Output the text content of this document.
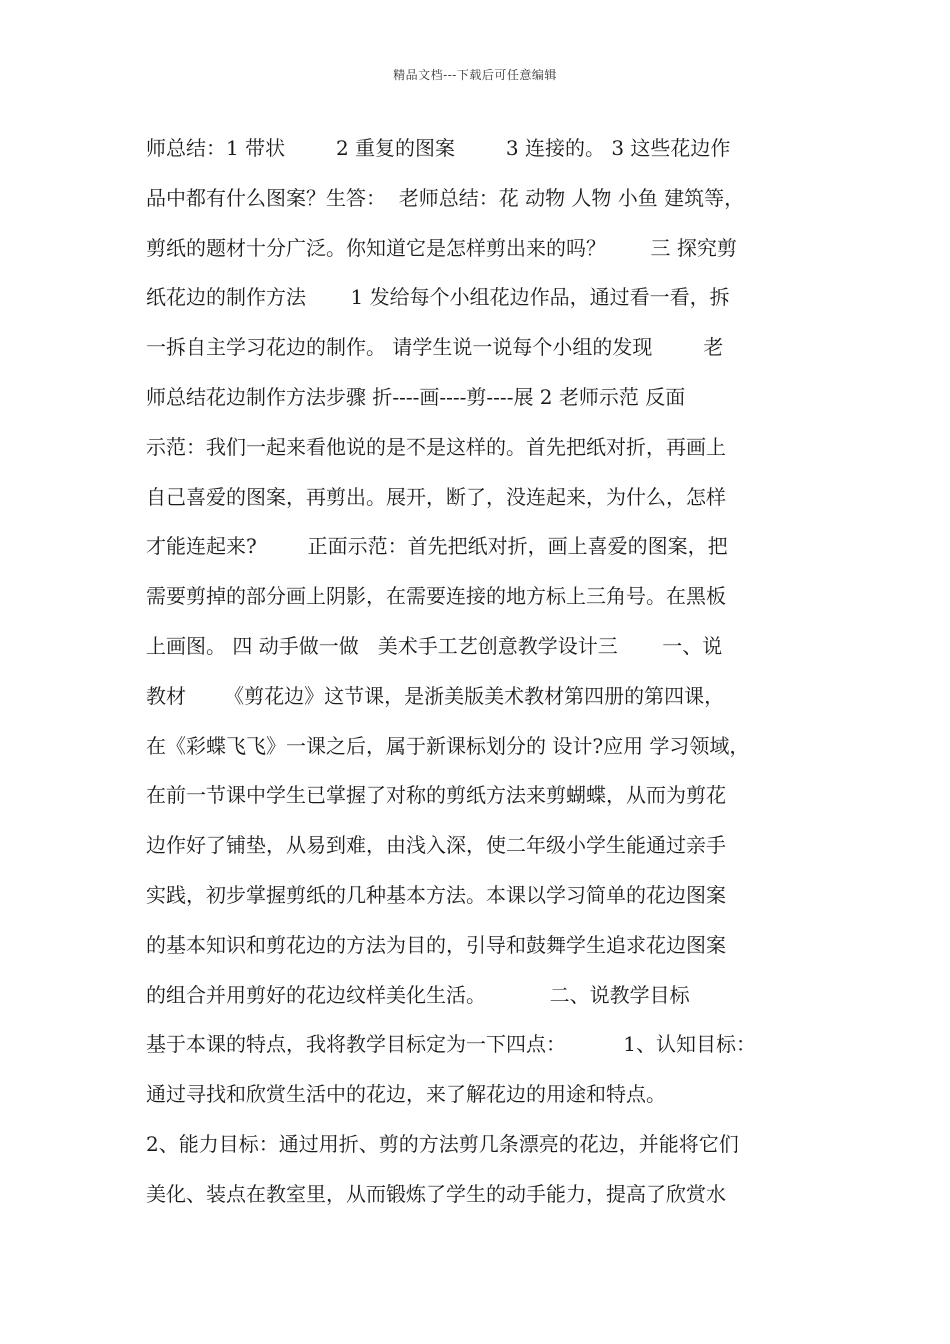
精品文档---下载后可任意编辑
师总结：1 带状        2 重复的图案        3 连接的。 3 这些花边作
品中都有什么图案？生答：  老师总结：花 动物 人物 小鱼 建筑等，
剪纸的题材十分广泛。你知道它是怎样剪出来的吗？       三 探究剪
纸花边的制作方法       1 发给每个小组花边作品，通过看一看，拆
一拆自主学习花边的制作。 请学生说一说每个小组的发现        老
师总结花边制作方法步骤 折----画----剪----展 2 老师示范 反面
示范：我们一起来看他说的是不是这样的。首先把纸对折，再画上
自己喜爱的图案，再剪出。展开，断了，没连起来，为什么，怎样
才能连起来?        正面示范：首先把纸对折，画上喜爱的图案，把
需要剪掉的部分画上阴影，在需要连接的地方标上三角号。在黑板
上画图。 四 动手做一做   美术手工艺创意教学设计三       一、说
教材      《剪花边》这节课，是浙美版美术教材第四册的第四课，
在《彩蝶飞飞》一课之后，属于新课标划分的 设计?应用 学习领域，
在前一节课中学生已掌握了对称的剪纸方法来剪蝴蝶，从而为剪花
边作好了铺垫，从易到难，由浅入深，使二年级小学生能通过亲手
实践，初步掌握剪纸的几种基本方法。本课以学习简单的花边图案
的基本知识和剪花边的方法为目的，引导和鼓舞学生追求花边图案
的组合并用剪好的花边纹样美化生活。          二、说教学目标
基于本课的特点，我将教学目标定为一下四点：         1、认知目标：
通过寻找和欣赏生活中的花边，来了解花边的用途和特点。
2、能力目标：通过用折、剪的方法剪几条漂亮的花边，并能将它们
美化、装点在教室里，从而锻炼了学生的动手能力，提高了欣赏水
